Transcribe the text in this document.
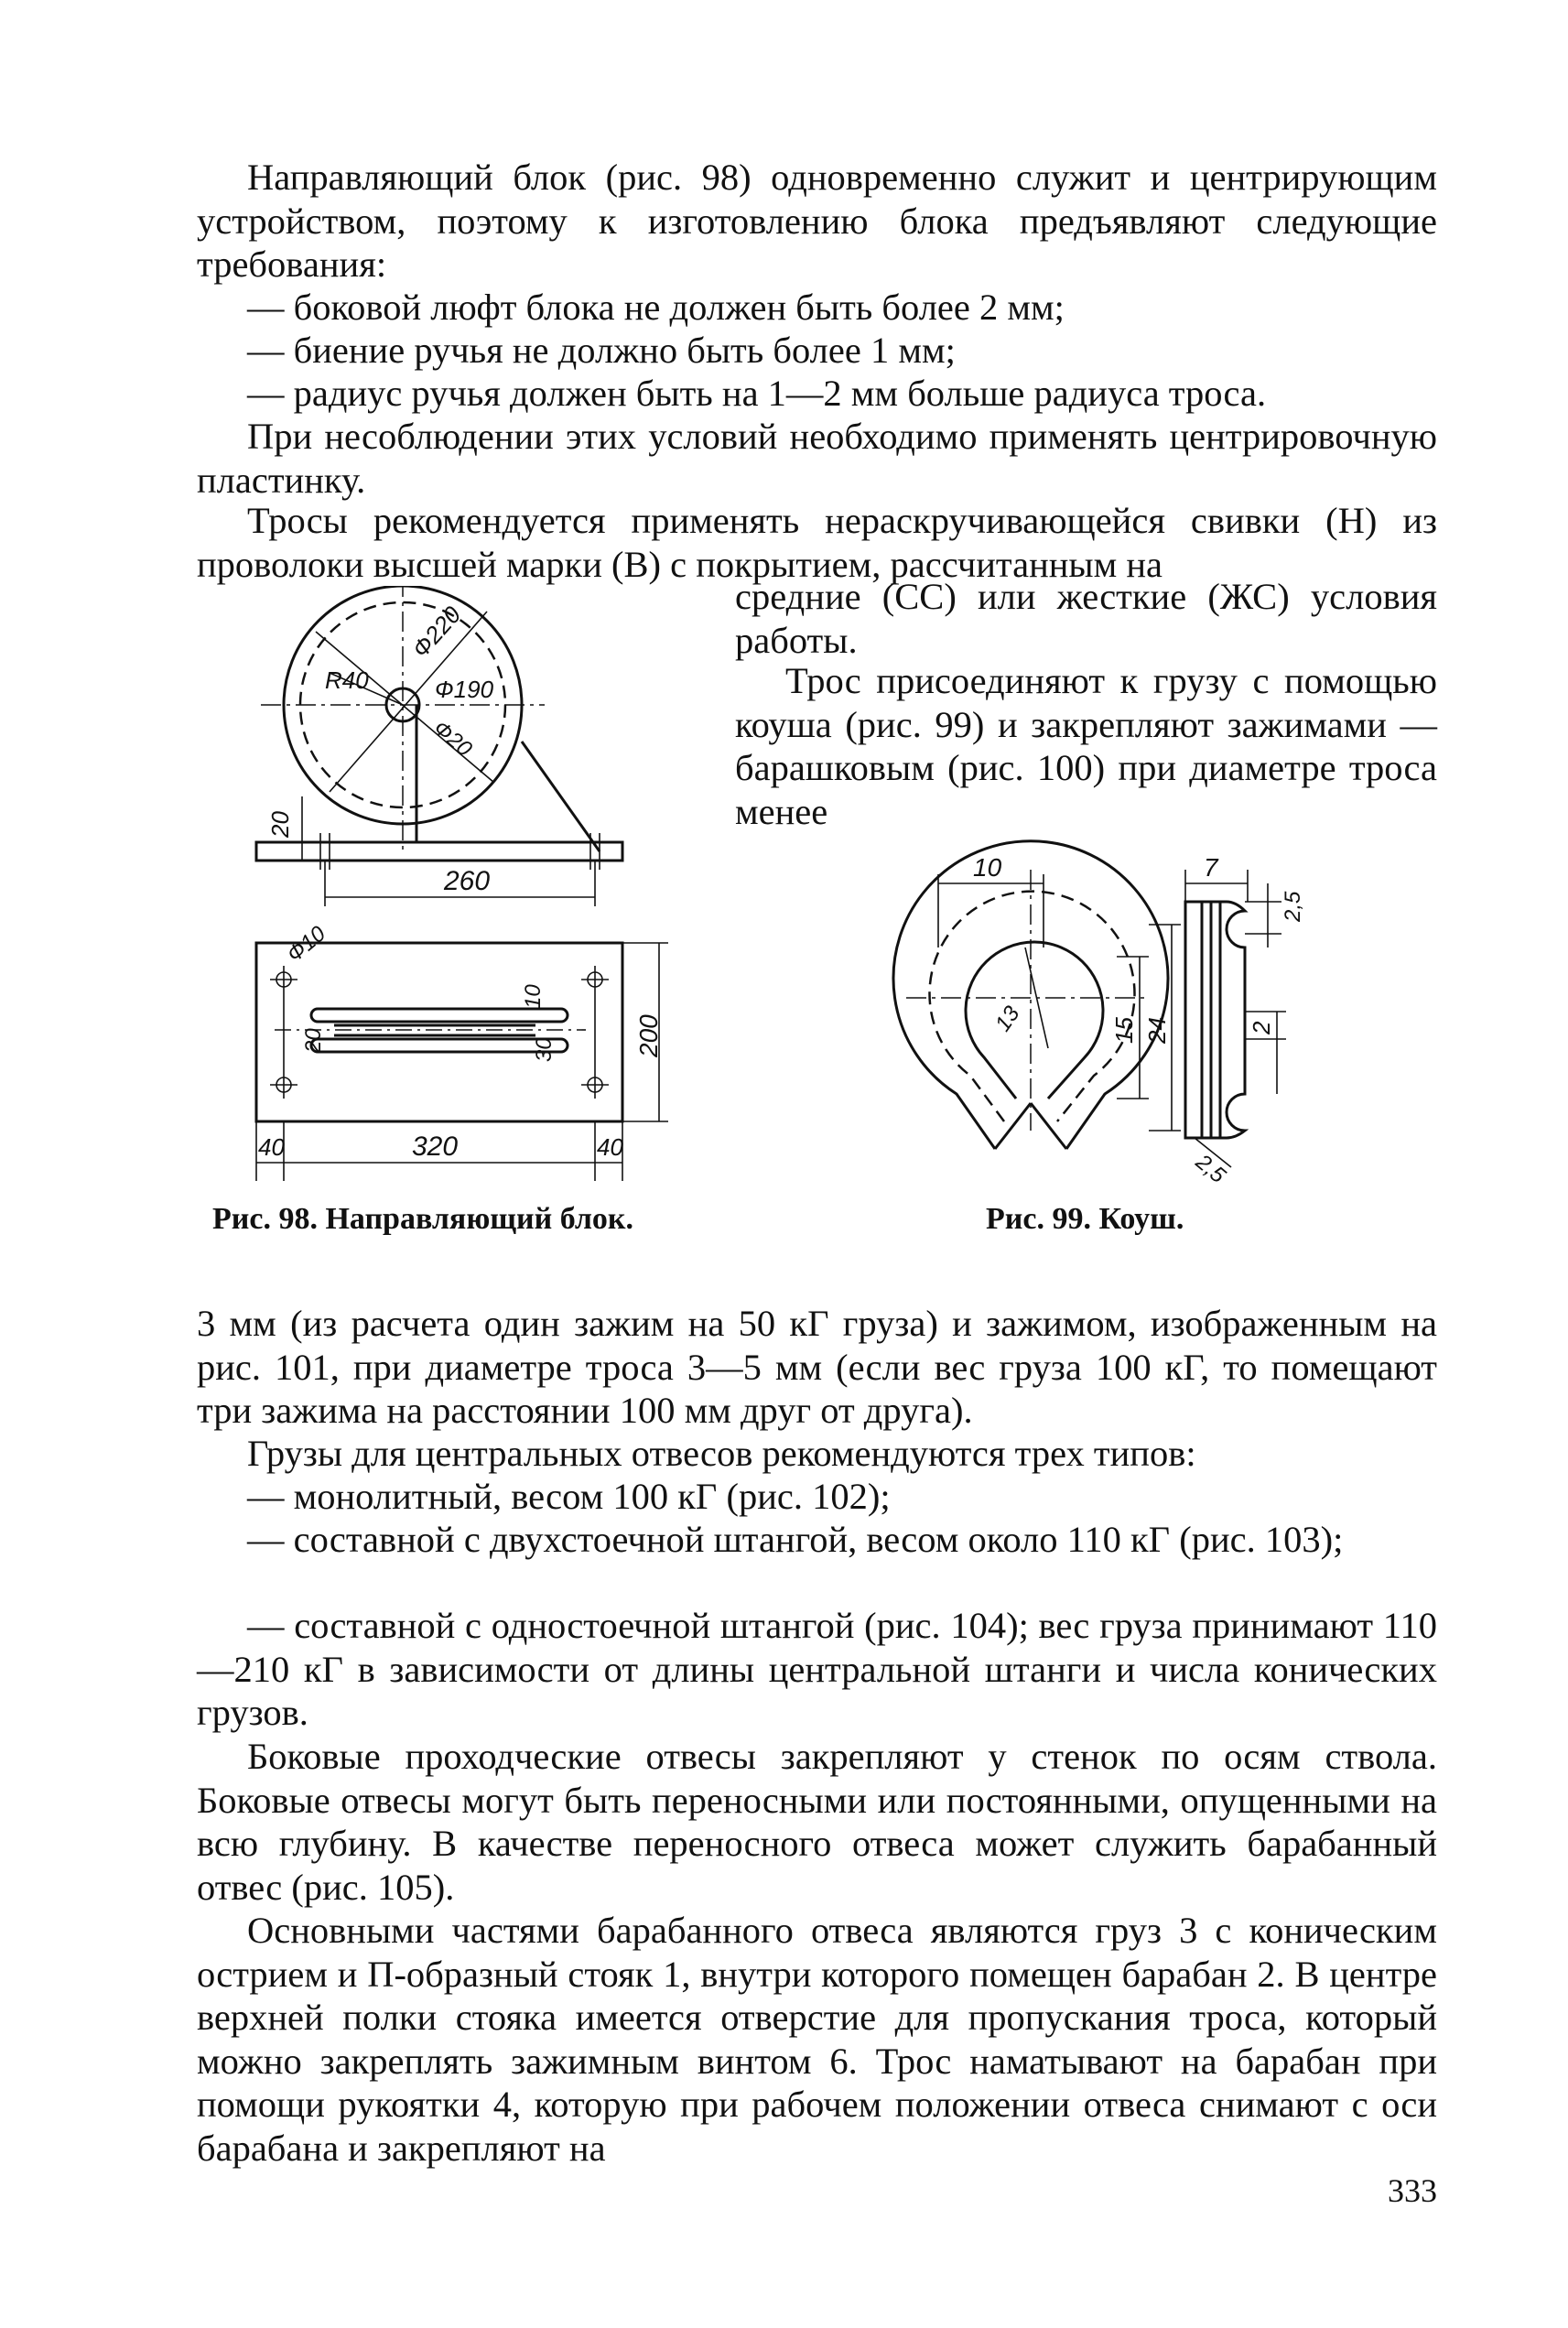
Направляющий блок (рис. 98) одновременно служит и центрирующим устройством, поэтому к изготовлению блока предъявляют следующие требования:

— боковой люфт блока не должен быть более 2 мм;

— биение ручья не должно быть более 1 мм;

— радиус ручья должен быть на 1—2 мм больше радиуса троса.

При несоблюдении этих условий необходимо применять центрировочную пластинку.

Тросы рекомендуется применять нераскручивающейся свивки (Н) из проволоки высшей марки (В) с покрытием, рассчитанным на

средние (СС) или жесткие (ЖС) условия работы.

Трос присоединяют к грузу с помощью коуша (рис. 99) и закрепляют зажимами — барашковым (рис. 100) при диаметре троса менее

20
260
Ф10
10
20	30	200
40	320	40
R40
Ф220
Ф190
Ф20
13
10
15 24
7
2,5
2
2,5
Рис. 98. Направляющий блок.	Рис. 99. Коуш.

3 мм (из расчета один зажим на 50 кГ груза) и зажимом, изображенным на рис. 101, при диаметре троса 3—5 мм (если вес груза 100 кГ, то помещают три зажима на расстоянии 100 мм друг от друга).

Грузы для центральных отвесов рекомендуются трех типов:

— монолитный, весом 100 кГ (рис. 102);

— составной с двухстоечной штангой, весом около 110 кГ (рис. 103);

— составной с одностоечной штангой (рис. 104); вес груза принимают 110—210 кГ в зависимости от длины центральной штанги и числа конических грузов.

Боковые проходческие отвесы закрепляют у стенок по осям ствола. Боковые отвесы могут быть переносными или постоянными, опущенными на всю глубину. В качестве переносного отвеса может служить барабанный отвес (рис. 105).

Основными частями барабанного отвеса являются груз 3 с коническим острием и П-образный стояк 1, внутри которого помещен барабан 2. В центре верхней полки стояка имеется отверстие для пропускания троса, который можно закреплять зажимным винтом 6. Трос наматывают на барабан при помощи рукоятки 4, которую при рабочем положении отвеса снимают с оси барабана и закрепляют на

333
